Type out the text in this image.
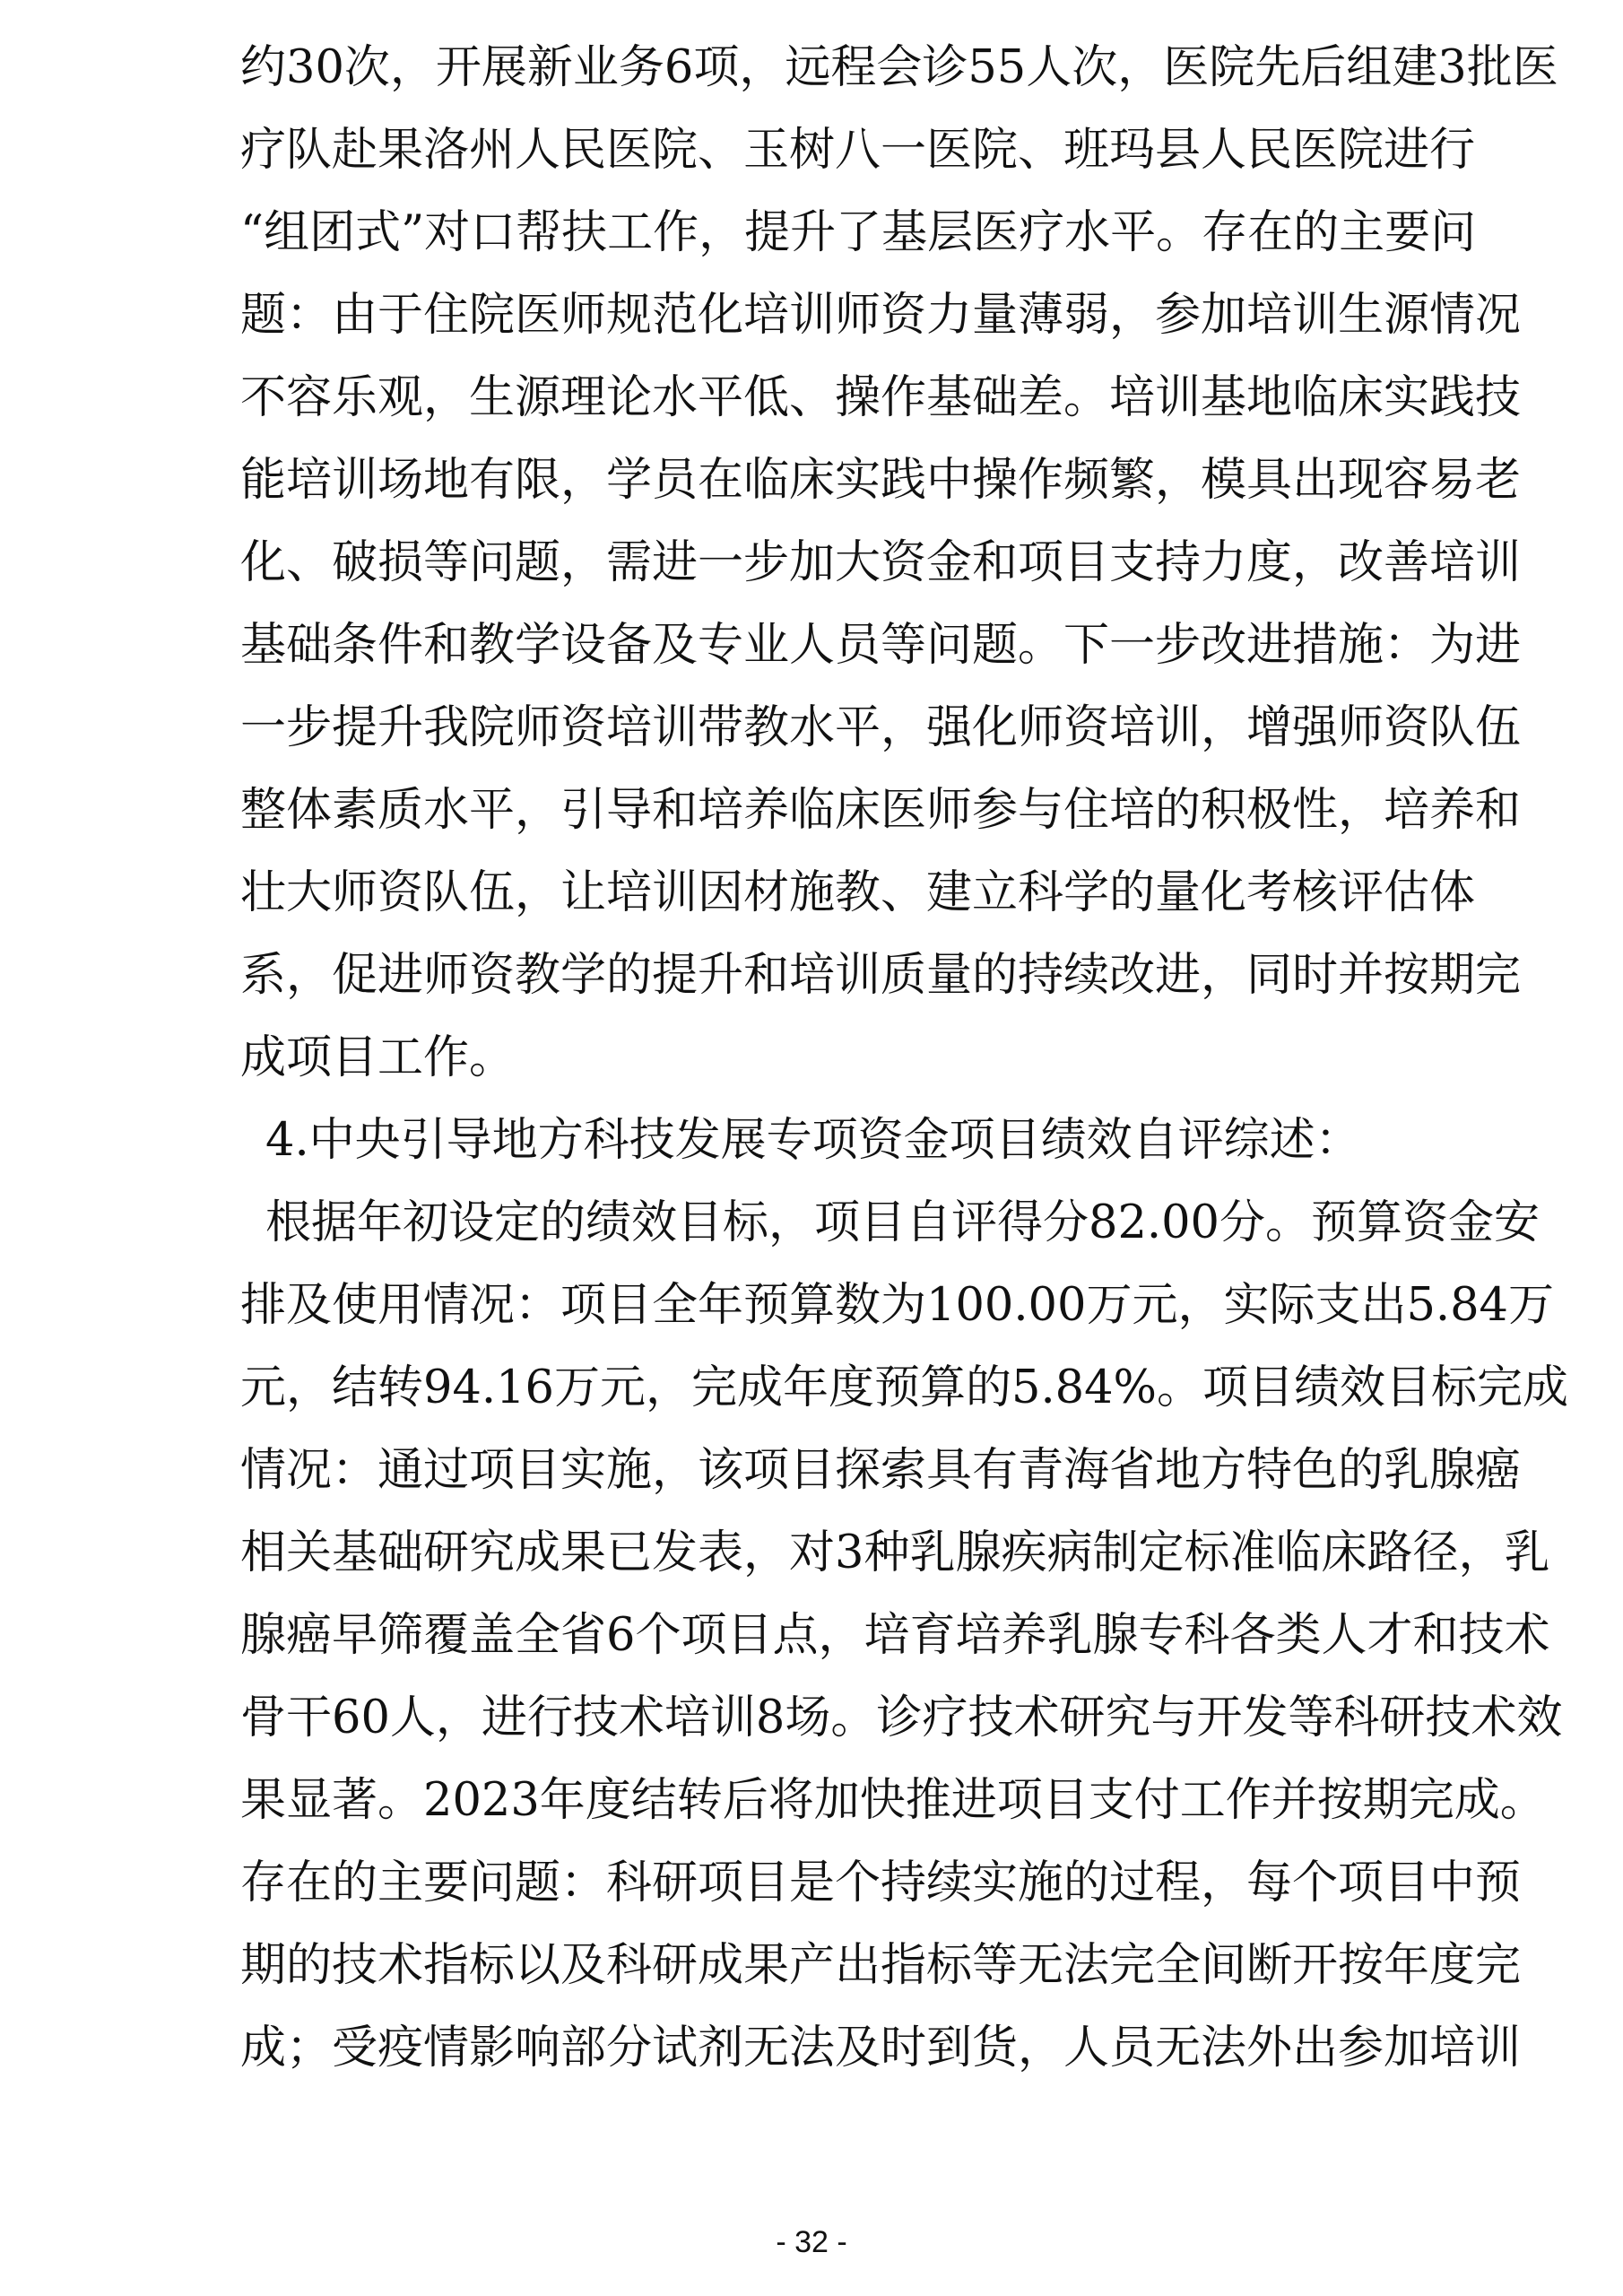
约30次，开展新业务6项，远程会诊55人次，医院先后组建3批医
疗队赴果洛州人民医院、玉树八一医院、班玛县人民医院进行
“组团式”对口帮扶工作，提升了基层医疗水平。存在的主要问
题：由于住院医师规范化培训师资力量薄弱，参加培训生源情况
不容乐观，生源理论水平低、操作基础差。培训基地临床实践技
能培训场地有限，学员在临床实践中操作频繁，模具出现容易老
化、破损等问题，需进一步加大资金和项目支持力度，改善培训
基础条件和教学设备及专业人员等问题。下一步改进措施：为进
一步提升我院师资培训带教水平，强化师资培训，增强师资队伍
整体素质水平，引导和培养临床医师参与住培的积极性，培养和
壮大师资队伍，让培训因材施教、建立科学的量化考核评估体
系，促进师资教学的提升和培训质量的持续改进，同时并按期完
成项目工作。
4.中央引导地方科技发展专项资金项目绩效自评综述：
根据年初设定的绩效目标，项目自评得分82.00分。预算资金安
排及使用情况：项目全年预算数为100.00万元，实际支出5.84万
元，结转94.16万元，完成年度预算的5.84%。项目绩效目标完成
情况：通过项目实施，该项目探索具有青海省地方特色的乳腺癌
相关基础研究成果已发表，对3种乳腺疾病制定标准临床路径，乳
腺癌早筛覆盖全省6个项目点，培育培养乳腺专科各类人才和技术
骨干60人，进行技术培训8场。诊疗技术研究与开发等科研技术效
果显著。2023年度结转后将加快推进项目支付工作并按期完成。
存在的主要问题：科研项目是个持续实施的过程，每个项目中预
期的技术指标以及科研成果产出指标等无法完全间断开按年度完
成；受疫情影响部分试剂无法及时到货，人员无法外出参加培训
- 32 -
